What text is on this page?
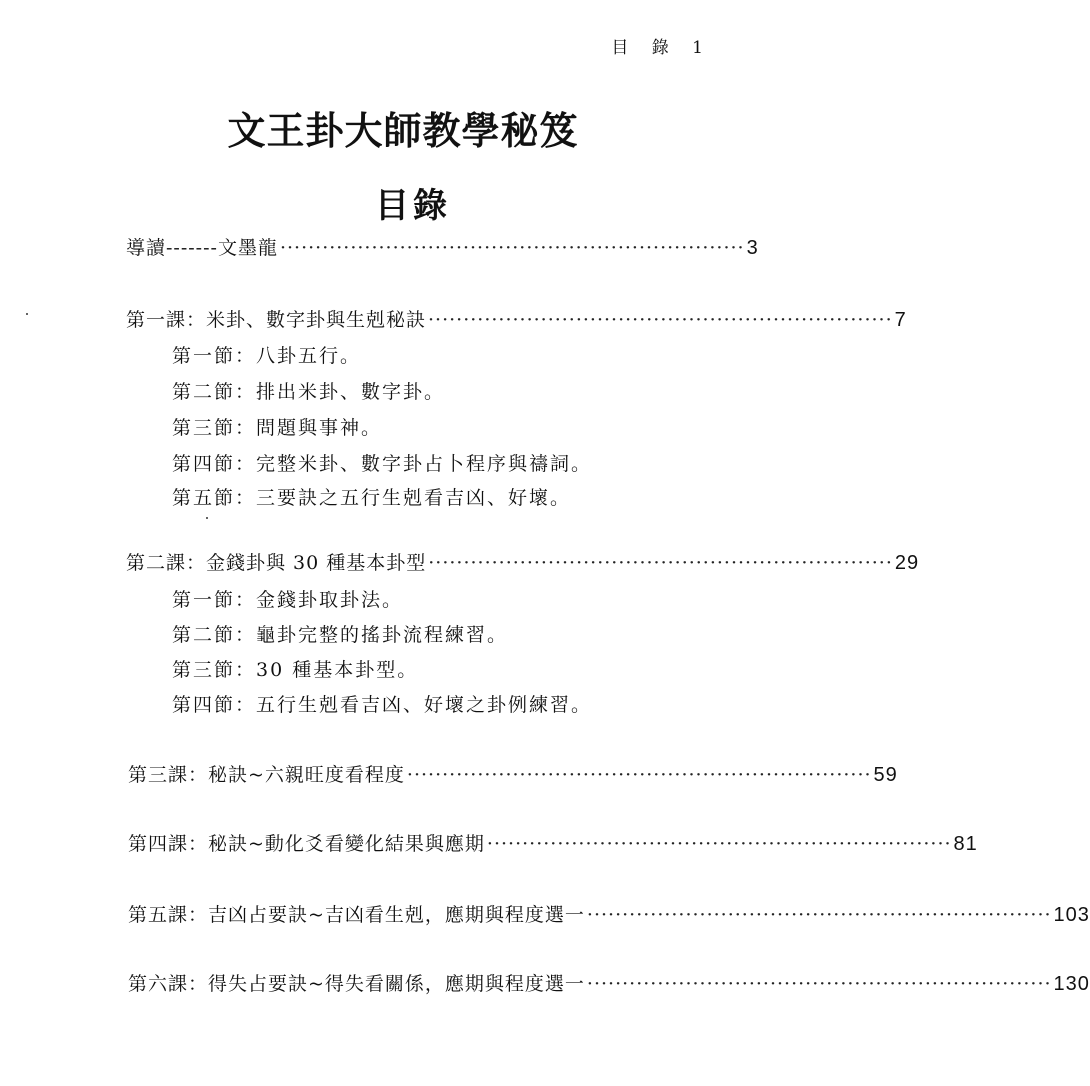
目 錄 1
文王卦大師教學秘笈
目錄
導讀-------文墨龍 ·································································· 3
第一課：米卦、數字卦與生剋秘訣 ·································································· 7
第一節：八卦五行。
第二節：排出米卦、數字卦。
第三節：問題與事神。
第四節：完整米卦、數字卦占卜程序與禱詞。
第五節：三要訣之五行生剋看吉凶、好壞。
第二課：金錢卦與 30 種基本卦型 ·································································· 29
第一節：金錢卦取卦法。
第二節：龜卦完整的搖卦流程練習。
第三節：30 種基本卦型。
第四節：五行生剋看吉凶、好壞之卦例練習。
第三課：秘訣~六親旺度看程度 ·································································· 59
第四課：秘訣~動化爻看變化結果與應期 ·································································· 81
第五課：吉凶占要訣~吉凶看生剋，應期與程度選一 ·································································· 103
第六課：得失占要訣~得失看關係，應期與程度選一 ·································································· 130
